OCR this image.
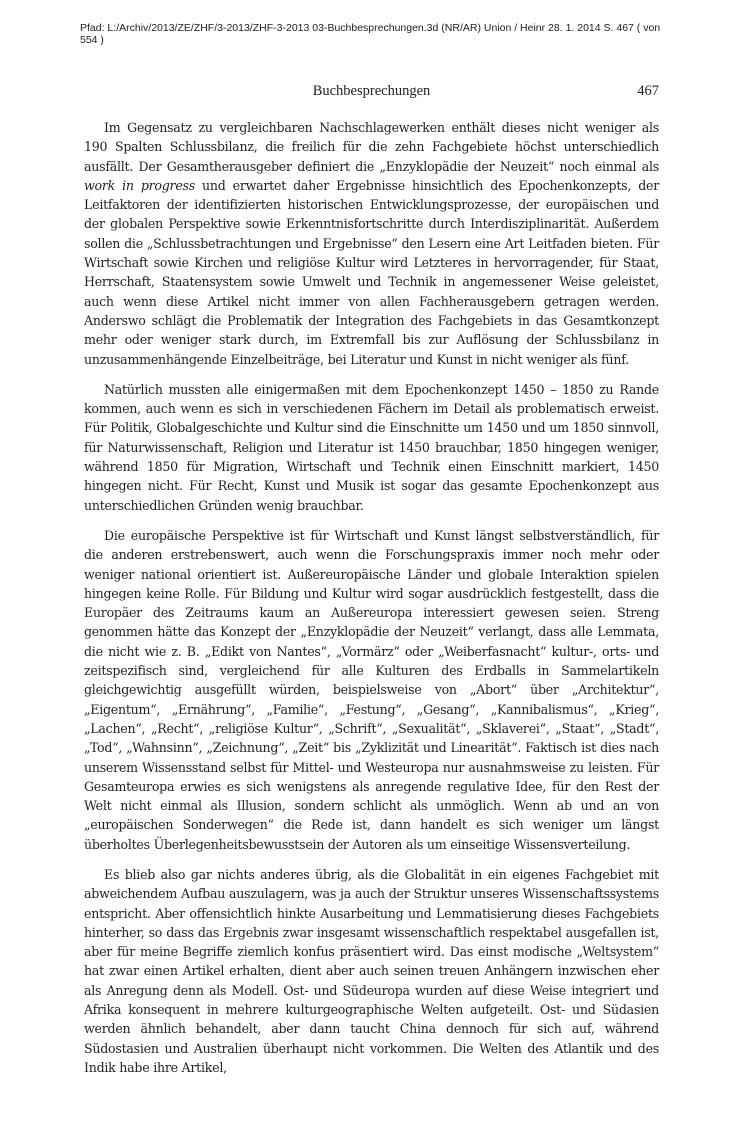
Pfad: L:/Archiv/2013/ZE/ZHF/3-2013/ZHF-3-2013 03-Buchbesprechungen.3d (NR/AR) Union / Heinr 28. 1. 2014 S. 467 ( von 554 )
Buchbesprechungen	467

Im Gegensatz zu vergleichbaren Nachschlagewerken enthält dieses nicht weniger als 190 Spalten Schlussbilanz, die freilich für die zehn Fachgebiete höchst unterschiedlich ausfällt. Der Gesamtherausgeber definiert die „Enzyklopädie der Neuzeit“ noch einmal als work in progress und erwartet daher Ergebnisse hinsichtlich des Epochenkonzepts, der Leitfaktoren der identifizierten historischen Entwicklungsprozesse, der europäischen und der globalen Perspektive sowie Erkenntnisfortschritte durch Interdisziplinarität. Außerdem sollen die „Schlussbetrachtungen und Ergebnisse“ den Lesern eine Art Leitfaden bieten. Für Wirtschaft sowie Kirchen und religiöse Kultur wird Letzteres in hervorragender, für Staat, Herrschaft, Staatensystem sowie Umwelt und Technik in angemessener Weise geleistet, auch wenn diese Artikel nicht immer von allen Fachherausgebern getragen werden. Anderswo schlägt die Problematik der Integration des Fachgebiets in das Gesamtkonzept mehr oder weniger stark durch, im Extremfall bis zur Auflösung der Schlussbilanz in unzusammenhängende Einzelbeiträge, bei Literatur und Kunst in nicht weniger als fünf.

Natürlich mussten alle einigermaßen mit dem Epochenkonzept 1450 – 1850 zu Rande kommen, auch wenn es sich in verschiedenen Fächern im Detail als problematisch erweist. Für Politik, Globalgeschichte und Kultur sind die Einschnitte um 1450 und um 1850 sinnvoll, für Naturwissenschaft, Religion und Literatur ist 1450 brauchbar, 1850 hingegen weniger, während 1850 für Migration, Wirtschaft und Technik einen Einschnitt markiert, 1450 hingegen nicht. Für Recht, Kunst und Musik ist sogar das gesamte Epochenkonzept aus unterschiedlichen Gründen wenig brauchbar.

Die europäische Perspektive ist für Wirtschaft und Kunst längst selbstverständlich, für die anderen erstrebenswert, auch wenn die Forschungspraxis immer noch mehr oder weniger national orientiert ist. Außereuropäische Länder und globale Interaktion spielen hingegen keine Rolle. Für Bildung und Kultur wird sogar ausdrücklich festgestellt, dass die Europäer des Zeitraums kaum an Außereuropa interessiert gewesen seien. Streng genommen hätte das Konzept der „Enzyklopädie der Neuzeit“ verlangt, dass alle Lemmata, die nicht wie z. B. „Edikt von Nantes“, „Vormärz“ oder „Weiberfasnacht“ kultur-, orts- und zeitspezifisch sind, vergleichend für alle Kulturen des Erdballs in Sammelartikeln gleichgewichtig ausgefüllt würden, beispielsweise von „Abort“ über „Architektur“, „Eigentum“, „Ernährung“, „Familie“, „Festung“, „Gesang“, „Kannibalismus“, „Krieg“, „Lachen“, „Recht“, „religiöse Kultur“, „Schrift“, „Sexualität“, „Sklaverei“, „Staat“, „Stadt“, „Tod“, „Wahnsinn“, „Zeichnung“, „Zeit“ bis „Zyklizität und Linearität“. Faktisch ist dies nach unserem Wissensstand selbst für Mittel- und Westeuropa nur ausnahmsweise zu leisten. Für Gesamteuropa erwies es sich wenigstens als anregende regulative Idee, für den Rest der Welt nicht einmal als Illusion, sondern schlicht als unmöglich. Wenn ab und an von „europäischen Sonderwegen“ die Rede ist, dann handelt es sich weniger um längst überholtes Überlegenheitsbewusstsein der Autoren als um einseitige Wissensverteilung.

Es blieb also gar nichts anderes übrig, als die Globalität in ein eigenes Fachgebiet mit abweichendem Aufbau auszulagern, was ja auch der Struktur unseres Wissenschaftssystems entspricht. Aber offensichtlich hinkte Ausarbeitung und Lemmatisierung dieses Fachgebiets hinterher, so dass das Ergebnis zwar insgesamt wissenschaftlich respektabel ausgefallen ist, aber für meine Begriffe ziemlich konfus präsentiert wird. Das einst modische „Weltsystem“ hat zwar einen Artikel erhalten, dient aber auch seinen treuen Anhängern inzwischen eher als Anregung denn als Modell. Ost- und Südeuropa wurden auf diese Weise integriert und Afrika konsequent in mehrere kulturgeographische Welten aufgeteilt. Ost- und Südasien werden ähnlich behandelt, aber dann taucht China dennoch für sich auf, während Südostasien und Australien überhaupt nicht vorkommen. Die Welten des Atlantik und des Indik habe ihre Artikel,
